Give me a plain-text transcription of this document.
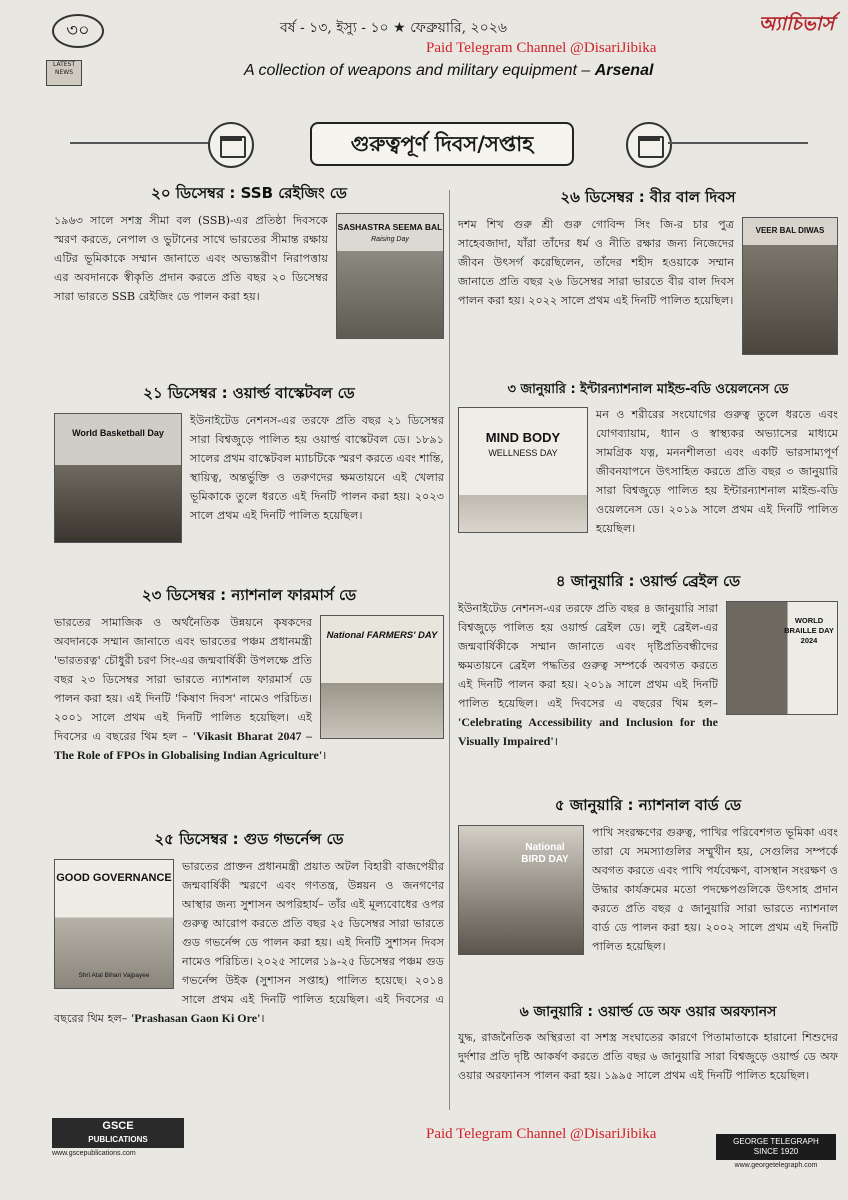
৩০	বর্ষ - ১৩, ইস্যু - ১০ ★ ফেব্রুয়ারি, ২০২৬	অ্যাচিভার্স
Paid Telegram Channel @DisariJibika
LATEST NEWS	A collection of weapons and military equipment – Arsenal
গুরুত্বপূর্ণ দিবস/সপ্তাহ
২০ ডিসেম্বর : SSB রেইজিং ডে
SASHASTRA SEEMA BAL
Raising Day

১৯৬৩ সালে সশস্ত্র সীমা বল (SSB)-এর প্রতিষ্ঠা দিবসকে স্মরণ করতে, নেপাল ও ভুটানের সাথে ভারতের সীমান্ত রক্ষায় এটির ভূমিকাকে সম্মান জানাতে এবং অভ্যন্তরীণ নিরাপত্তায় এর অবদানকে স্বীকৃতি প্রদান করতে প্রতি বছর ২০ ডিসেম্বর সারা ভারতে SSB রেইজিং ডে পালন করা হয়।

২১ ডিসেম্বর : ওয়ার্ল্ড বাস্কেটবল ডে
World Basketball Day

ইউনাইটেড নেশনস-এর তরফে প্রতি বছর ২১ ডিসেম্বর সারা বিশ্বজুড়ে পালিত হয় ওয়ার্ল্ড বাস্কেটবল ডে। ১৮৯১ সালের প্রথম বাস্কেটবল ম্যাচটিকে স্মরণ করতে এবং শান্তি, স্থায়িত্ব, অন্তর্ভুক্তি ও তরুণদের ক্ষমতায়নে এই খেলার ভূমিকাকে তুলে ধরতে এই দিনটি পালন করা হয়। ২০২৩ সালে প্রথম এই দিনটি পালিত হয়েছিল।

২৩ ডিসেম্বর : ন্যাশনাল ফারমার্স ডে
National FARMERS' DAY

ভারতের সামাজিক ও অর্থনৈতিক উন্নয়নে কৃষকদের অবদানকে সম্মান জানাতে এবং ভারতের পঞ্চম প্রধানমন্ত্রী 'ভারতরত্ন' চৌধুরী চরণ সিং-এর জন্মবার্ষিকী উপলক্ষে প্রতি বছর ২৩ ডিসেম্বর সারা ভারতে ন্যাশনাল ফারমার্স ডে পালন করা হয়। এই দিনটি 'কিষাণ দিবস' নামেও পরিচিত। ২০০১ সালে প্রথম এই দিনটি পালিত হয়েছিল। এই দিবসের এ বছরের থিম হল – 'Vikasit Bharat 2047 – The Role of FPOs in Globalising Indian Agriculture'।

২৫ ডিসেম্বর : গুড গভর্নেন্স ডে
GOOD GOVERNANCE
Shri Atal Bihari Vajpayee

ভারতের প্রাক্তন প্রধানমন্ত্রী প্রয়াত অটল বিহারী বাজপেয়ীর জন্মবার্ষিকী স্মরণে এবং গণতন্ত্র, উন্নয়ন ও জনগণের আস্থার জন্য সুশাসন অপরিহার্য– তাঁর এই মূল্যবোধের ওপর গুরুত্ব আরোপ করতে প্রতি বছর ২৫ ডিসেম্বর সারা ভারতে গুড গভর্নেন্স ডে পালন করা হয়। এই দিনটি সুশাসন দিবস নামেও পরিচিত। ২০২৫ সালের ১৯-২৫ ডিসেম্বর পঞ্চম গুড গভর্নেন্স উইক (সুশাসন সপ্তাহ) পালিত হয়েছে। ২০১৪ সালে প্রথম এই দিনটি পালিত হয়েছিল। এই দিবসের এ বছরের থিম হল– 'Prashasan Gaon Ki Ore'।

২৬ ডিসেম্বর : বীর বাল দিবস
VEER BAL DIWAS

দশম শিখ গুরু শ্রী গুরু গোবিন্দ সিং জি-র চার পুত্র সাহেবজাদা, যাঁরা তাঁদের ধর্ম ও নীতি রক্ষার জন্য নিজেদের জীবন উৎসর্গ করেছিলেন, তাঁদের শহীদ হওয়াকে সম্মান জানাতে প্রতি বছর ২৬ ডিসেম্বর সারা ভারতে বীর বাল দিবস পালন করা হয়। ২০২২ সালে প্রথম এই দিনটি পালিত হয়েছিল।

৩ জানুয়ারি : ইন্টারন্যাশনাল মাইন্ড-বডি ওয়েলনেস ডে
MIND BODY
WELLNESS DAY

মন ও শরীরের সংযোগের গুরুত্ব তুলে ধরতে এবং যোগব্যায়াম, ধ্যান ও স্বাস্থ্যকর অভ্যাসের মাধ্যমে সামগ্রিক যত্ন, মননশীলতা এবং একটি ভারসাম্যপূর্ণ জীবনযাপনে উৎসাহিত করতে প্রতি বছর ৩ জানুয়ারি সারা বিশ্বজুড়ে পালিত হয় ইন্টারন্যাশনাল মাইন্ড-বডি ওয়েলনেস ডে। ২০১৯ সালে প্রথম এই দিনটি পালিত হয়েছিল।

৪ জানুয়ারি : ওয়ার্ল্ড ব্রেইল ডে
WORLD BRAILLE DAY 2024

ইউনাইটেড নেশনস-এর তরফে প্রতি বছর ৪ জানুয়ারি সারা বিশ্বজুড়ে পালিত হয় ওয়ার্ল্ড ব্রেইল ডে। লুই ব্রেইল-এর জন্মবার্ষিকীকে সম্মান জানাতে এবং দৃষ্টিপ্রতিবন্ধীদের ক্ষমতায়নে ব্রেইল পদ্ধতির গুরুত্ব সম্পর্কে অবগত করতে এই দিনটি পালন করা হয়। ২০১৯ সালে প্রথম এই দিনটি পালিত হয়েছিল। এই দিবসের এ বছরের থিম হল– 'Celebrating Accessibility and Inclusion for the Visually Impaired'।

৫ জানুয়ারি : ন্যাশনাল বার্ড ডে
National BIRD DAY

পাখি সংরক্ষণের গুরুত্ব, পাখির পরিবেশগত ভূমিকা এবং তারা যে সমস্যাগুলির সম্মুখীন হয়, সেগুলির সম্পর্কে অবগত করতে এবং পাখি পর্যবেক্ষণ, বাসস্থান সংরক্ষণ ও উদ্ধার কার্যক্রমের মতো পদক্ষেপগুলিকে উৎসাহ প্রদান করতে প্রতি বছর ৫ জানুয়ারি সারা ভারতে ন্যাশনাল বার্ড ডে পালন করা হয়। ২০০২ সালে প্রথম এই দিনটি পালিত হয়েছিল।

৬ জানুয়ারি : ওয়ার্ল্ড ডে অফ ওয়ার অরফ্যানস

যুদ্ধ, রাজনৈতিক অস্থিরতা বা সশস্ত্র সংঘাতের কারণে পিতামাতাকে হারানো শিশুদের দুর্দশার প্রতি দৃষ্টি আকর্ষণ করতে প্রতি বছর ৬ জানুয়ারি সারা বিশ্বজুড়ে ওয়ার্ল্ড ডে অফ ওয়ার অরফ্যানস পালন করা হয়। ১৯৯৫ সালে প্রথম এই দিনটি পালিত হয়েছিল।

GSCE
PUBLICATIONS
www.gscepublications.com
Paid Telegram Channel @DisariJibika	GEORGE TELEGRAPH
SINCE 1920
www.georgetelegraph.com
